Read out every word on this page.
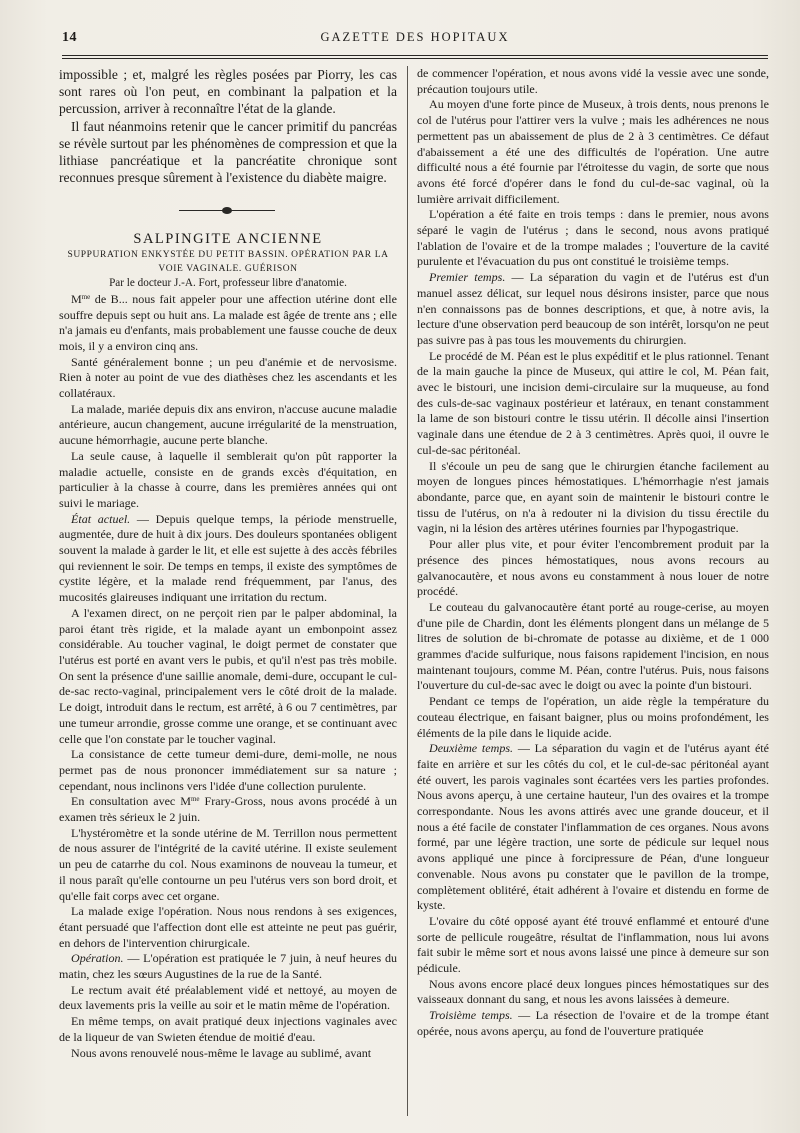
14	GAZETTE DES HOPITAUX

impossible ; et, malgré les règles posées par Piorry, les cas sont rares où l'on peut, en combinant la palpation et la percussion, arriver à reconnaître l'état de la glande.

Il faut néanmoins retenir que le cancer primitif du pancréas se révèle surtout par les phénomènes de compression et que la lithiase pancréatique et la pancréatite chronique sont reconnues presque sûrement à l'existence du diabète maigre.

SALPINGITE ANCIENNE

SUPPURATION ENKYSTÉE DU PETIT BASSIN. OPÉRATION PAR LA VOIE VAGINALE. GUÉRISON

Par le docteur J.-A. Fort, professeur libre d'anatomie.

$M^{me}$ de B... nous fait appeler pour une affection utérine dont elle souffre depuis sept ou huit ans. La malade est âgée de trente ans ; elle n'a jamais eu d'enfants, mais probablement une fausse couche de deux mois, il y a environ cinq ans.

Santé généralement bonne ; un peu d'anémie et de nervosisme. Rien à noter au point de vue des diathèses chez les ascendants et les collatéraux.

La malade, mariée depuis dix ans environ, n'accuse aucune maladie antérieure, aucun changement, aucune irrégularité de la menstruation, aucune hémorrhagie, aucune perte blanche.

La seule cause, à laquelle il semblerait qu'on pût rapporter la maladie actuelle, consiste en de grands excès d'équitation, en particulier à la chasse à courre, dans les premières années qui ont suivi le mariage.

État actuel. — Depuis quelque temps, la période menstruelle, augmentée, dure de huit à dix jours. Des douleurs spontanées obligent souvent la malade à garder le lit, et elle est sujette à des accès fébriles qui reviennent le soir. De temps en temps, il existe des symptômes de cystite légère, et la malade rend fréquemment, par l'anus, des mucosités glaireuses indiquant une irritation du rectum.

A l'examen direct, on ne perçoit rien par le palper abdominal, la paroi étant très rigide, et la malade ayant un embonpoint assez considérable. Au toucher vaginal, le doigt permet de constater que l'utérus est porté en avant vers le pubis, et qu'il n'est pas très mobile. On sent la présence d'une saillie anomale, demi-dure, occupant le cul-de-sac recto-vaginal, principalement vers le côté droit de la malade. Le doigt, introduit dans le rectum, est arrêté, à 6 ou 7 centimètres, par une tumeur arrondie, grosse comme une orange, et se continuant avec celle que l'on constate par le toucher vaginal.

La consistance de cette tumeur demi-dure, demi-molle, ne nous permet pas de nous prononcer immédiatement sur sa nature ; cependant, nous inclinons vers l'idée d'une collection purulente.

En consultation avec $M^{me}$ Frary-Gross, nous avons procédé à un examen très sérieux le 2 juin.

L'hystéromètre et la sonde utérine de M. Terrillon nous permettent de nous assurer de l'intégrité de la cavité utérine. Il existe seulement un peu de catarrhe du col. Nous examinons de nouveau la tumeur, et il nous paraît qu'elle contourne un peu l'utérus vers son bord droit, et qu'elle fait corps avec cet organe.

La malade exige l'opération. Nous nous rendons à ses exigences, étant persuadé que l'affection dont elle est atteinte ne peut pas guérir, en dehors de l'intervention chirurgicale.

Opération. — L'opération est pratiquée le 7 juin, à neuf heures du matin, chez les sœurs Augustines de la rue de la Santé.

Le rectum avait été préalablement vidé et nettoyé, au moyen de deux lavements pris la veille au soir et le matin même de l'opération.

En même temps, on avait pratiqué deux injections vaginales avec de la liqueur de van Swieten étendue de moitié d'eau.

Nous avons renouvelé nous-même le lavage au sublimé, avant

de commencer l'opération, et nous avons vidé la vessie avec une sonde, précaution toujours utile.

Au moyen d'une forte pince de Museux, à trois dents, nous prenons le col de l'utérus pour l'attirer vers la vulve ; mais les adhérences ne nous permettent pas un abaissement de plus de 2 à 3 centimètres. Ce défaut d'abaissement a été une des difficultés de l'opération. Une autre difficulté nous a été fournie par l'étroitesse du vagin, de sorte que nous avons été forcé d'opérer dans le fond du cul-de-sac vaginal, où la lumière arrivait difficilement.

L'opération a été faite en trois temps : dans le premier, nous avons séparé le vagin de l'utérus ; dans le second, nous avons pratiqué l'ablation de l'ovaire et de la trompe malades ; l'ouverture de la cavité purulente et l'évacuation du pus ont constitué le troisième temps.

Premier temps. — La séparation du vagin et de l'utérus est d'un manuel assez délicat, sur lequel nous désirons insister, parce que nous n'en connaissons pas de bonnes descriptions, et que, à notre avis, la lecture d'une observation perd beaucoup de son intérêt, lorsqu'on ne peut pas suivre pas à pas tous les mouvements du chirurgien.

Le procédé de M. Péan est le plus expéditif et le plus rationnel. Tenant de la main gauche la pince de Museux, qui attire le col, M. Péan fait, avec le bistouri, une incision demi-circulaire sur la muqueuse, au fond des culs-de-sac vaginaux postérieur et latéraux, en tenant constamment la lame de son bistouri contre le tissu utérin. Il décolle ainsi l'insertion vaginale dans une étendue de 2 à 3 centimètres. Après quoi, il ouvre le cul-de-sac péritonéal.

Il s'écoule un peu de sang que le chirurgien étanche facilement au moyen de longues pinces hémostatiques. L'hémorrhagie n'est jamais abondante, parce que, en ayant soin de maintenir le bistouri contre le tissu de l'utérus, on n'a à redouter ni la division du tissu érectile du vagin, ni la lésion des artères utérines fournies par l'hypogastrique.

Pour aller plus vite, et pour éviter l'encombrement produit par la présence des pinces hémostatiques, nous avons recours au galvanocautère, et nous avons eu constamment à nous louer de notre procédé.

Le couteau du galvanocautère étant porté au rouge-cerise, au moyen d'une pile de Chardin, dont les éléments plongent dans un mélange de 5 litres de solution de bi-chromate de potasse au dixième, et de 1 000 grammes d'acide sulfurique, nous faisons rapidement l'incision, en nous maintenant toujours, comme M. Péan, contre l'utérus. Puis, nous faisons l'ouverture du cul-de-sac avec le doigt ou avec la pointe d'un bistouri.

Pendant ce temps de l'opération, un aide règle la température du couteau électrique, en faisant baigner, plus ou moins profondément, les éléments de la pile dans le liquide acide.

Deuxième temps. — La séparation du vagin et de l'utérus ayant été faite en arrière et sur les côtés du col, et le cul-de-sac péritonéal ayant été ouvert, les parois vaginales sont écartées vers les parties profondes. Nous avons aperçu, à une certaine hauteur, l'un des ovaires et la trompe correspondante. Nous les avons attirés avec une grande douceur, et il nous a été facile de constater l'inflammation de ces organes. Nous avons formé, par une légère traction, une sorte de pédicule sur lequel nous avons appliqué une pince à forcipressure de Péan, d'une longueur convenable. Nous avons pu constater que le pavillon de la trompe, complètement oblitéré, était adhérent à l'ovaire et distendu en forme de kyste.

L'ovaire du côté opposé ayant été trouvé enflammé et entouré d'une sorte de pellicule rougeâtre, résultat de l'inflammation, nous lui avons fait subir le même sort et nous avons laissé une pince à demeure sur son pédicule.

Nous avons encore placé deux longues pinces hémostatiques sur des vaisseaux donnant du sang, et nous les avons laissées à demeure.

Troisième temps. — La résection de l'ovaire et de la trompe étant opérée, nous avons aperçu, au fond de l'ouverture pratiquée
